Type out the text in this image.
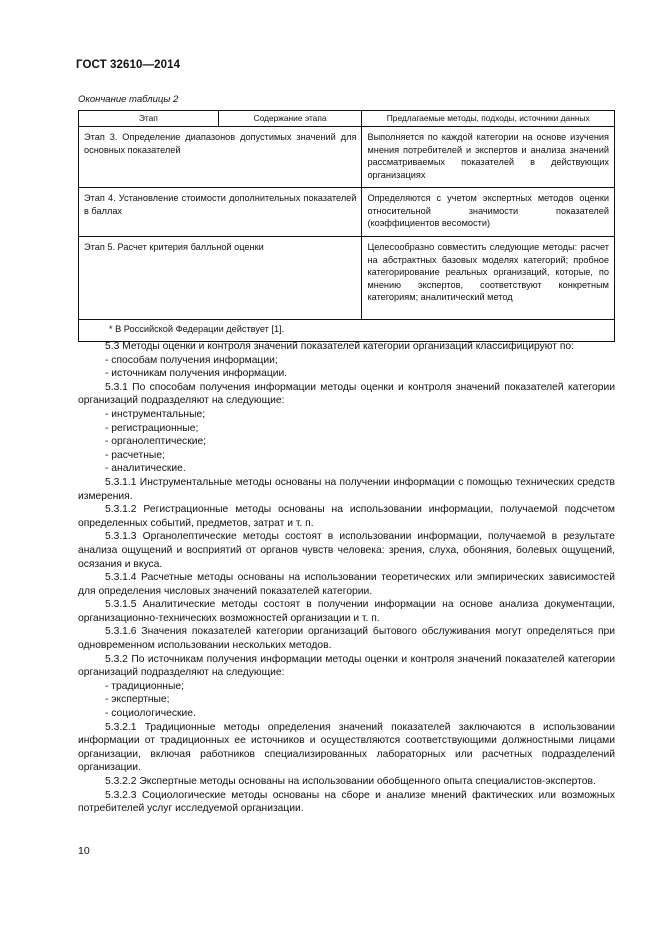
ГОСТ 32610—2014
Окончание таблицы 2
Этап	Содержание этапа	Предлагаемые методы, подходы, источники данных
Этап 3. Определение диапазонов допустимых значений для основных показателей		Выполняется по каждой категории на основе изучения мнения потребителей и экспертов и анализа значений рассматриваемых показателей в действующих организациях
Этап 4. Установление стоимости дополнительных показателей в баллах		Определяются с учетом экспертных методов оценки относительной значимости показателей (коэффициентов весомости)
Этап 5. Расчет критерия балльной оценки		Целесообразно совместить следующие методы: расчет на абстрактных базовых моделях категорий; пробное категорирование реальных организаций, которые, по мнению экспертов, соответствуют конкретным категориям; аналитический метод
* В Российской Федерации действует [1].		
5.3 Методы оценки и контроля значений показателей категории организаций классифицируют по:
- способам получения информации;
- источникам получения информации.
5.3.1 По способам получения информации методы оценки и контроля значений показателей категории организаций подразделяют на следующие:
- инструментальные;
- регистрационные;
- органолептические;
- расчетные;
- аналитические.
5.3.1.1 Инструментальные методы основаны на получении информации с помощью технических средств измерения.
5.3.1.2 Регистрационные методы основаны на использовании информации, получаемой подсчетом определенных событий, предметов, затрат и т. п.
5.3.1.3 Органолептические методы состоят в использовании информации, получаемой в результате анализа ощущений и восприятий от органов чувств человека: зрения, слуха, обоняния, болевых ощущений, осязания и вкуса.
5.3.1.4 Расчетные методы основаны на использовании теоретических или эмпирических зависимостей для определения числовых значений показателей категории.
5.3.1.5 Аналитические методы состоят в получении информации на основе анализа документации, организационно-технических возможностей организации и т. п.
5.3.1.6 Значения показателей категории организаций бытового обслуживания могут определяться при одновременном использовании нескольких методов.
5.3.2 По источникам получения информации методы оценки и контроля значений показателей категории организаций подразделяют на следующие:
- традиционные;
- экспертные;
- социологические.
5.3.2.1 Традиционные методы определения значений показателей заключаются в использовании информации от традиционных ее источников и осуществляются соответствующими должностными лицами организации, включая работников специализированных лабораторных или расчетных подразделений организации.
5.3.2.2 Экспертные методы основаны на использовании обобщенного опыта специалистов-экспертов.
5.3.2.3 Социологические методы основаны на сборе и анализе мнений фактических или возможных потребителей услуг исследуемой организации.
10
